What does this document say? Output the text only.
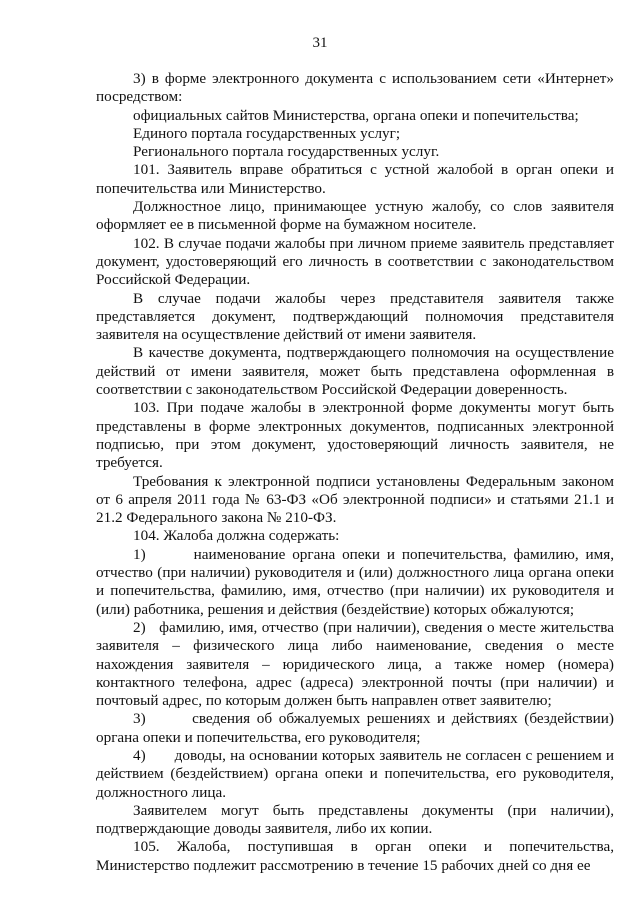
31

3) в форме электронного документа с использованием сети «Интернет» посредством:

официальных сайтов Министерства, органа опеки и попечительства;

Единого портала государственных услуг;

Регионального портала государственных услуг.

101. Заявитель вправе обратиться с устной жалобой в орган опеки и попечительства или Министерство.

Должностное лицо, принимающее устную жалобу, со слов заявителя оформляет ее в письменной форме на бумажном носителе.

102. В случае подачи жалобы при личном приеме заявитель представляет документ, удостоверяющий его личность в соответствии с законодательством Российской Федерации.

В случае подачи жалобы через представителя заявителя также представляется документ, подтверждающий полномочия представителя заявителя на осуществление действий от имени заявителя.

В качестве документа, подтверждающего полномочия на осуществление действий от имени заявителя, может быть представлена оформленная в соответствии с законодательством Российской Федерации доверенность.

103. При подаче жалобы в электронной форме документы могут быть представлены в форме электронных документов, подписанных электронной подписью, при этом документ, удостоверяющий личность заявителя, не требуется.

Требования к электронной подписи установлены Федеральным законом от 6 апреля 2011 года № 63-ФЗ «Об электронной подписи» и статьями 21.1 и 21.2 Федерального закона № 210-ФЗ.

104. Жалоба должна содержать:

1)       наименование органа опеки и попечительства, фамилию, имя, отчество (при наличии) руководителя и (или) должностного лица органа опеки и попечительства, фамилию, имя, отчество (при наличии) их руководителя и (или) работника, решения и действия (бездействие) которых обжалуются;

2)   фамилию, имя, отчество (при наличии), сведения о месте жительства заявителя – физического лица либо наименование, сведения о месте нахождения заявителя – юридического лица, а также номер (номера) контактного телефона, адрес (адреса) электронной почты (при наличии) и почтовый адрес, по которым должен быть направлен ответ заявителю;

3)       сведения об обжалуемых решениях и действиях (бездействии) органа опеки и попечительства, его руководителя;

4)       доводы, на основании которых заявитель не согласен с решением и действием (бездействием) органа опеки и попечительства, его руководителя, должностного лица.

Заявителем могут быть представлены документы (при наличии), подтверждающие доводы заявителя, либо их копии.

105. Жалоба, поступившая в орган опеки и попечительства, Министерство подлежит рассмотрению в течение 15 рабочих дней со дня ее
